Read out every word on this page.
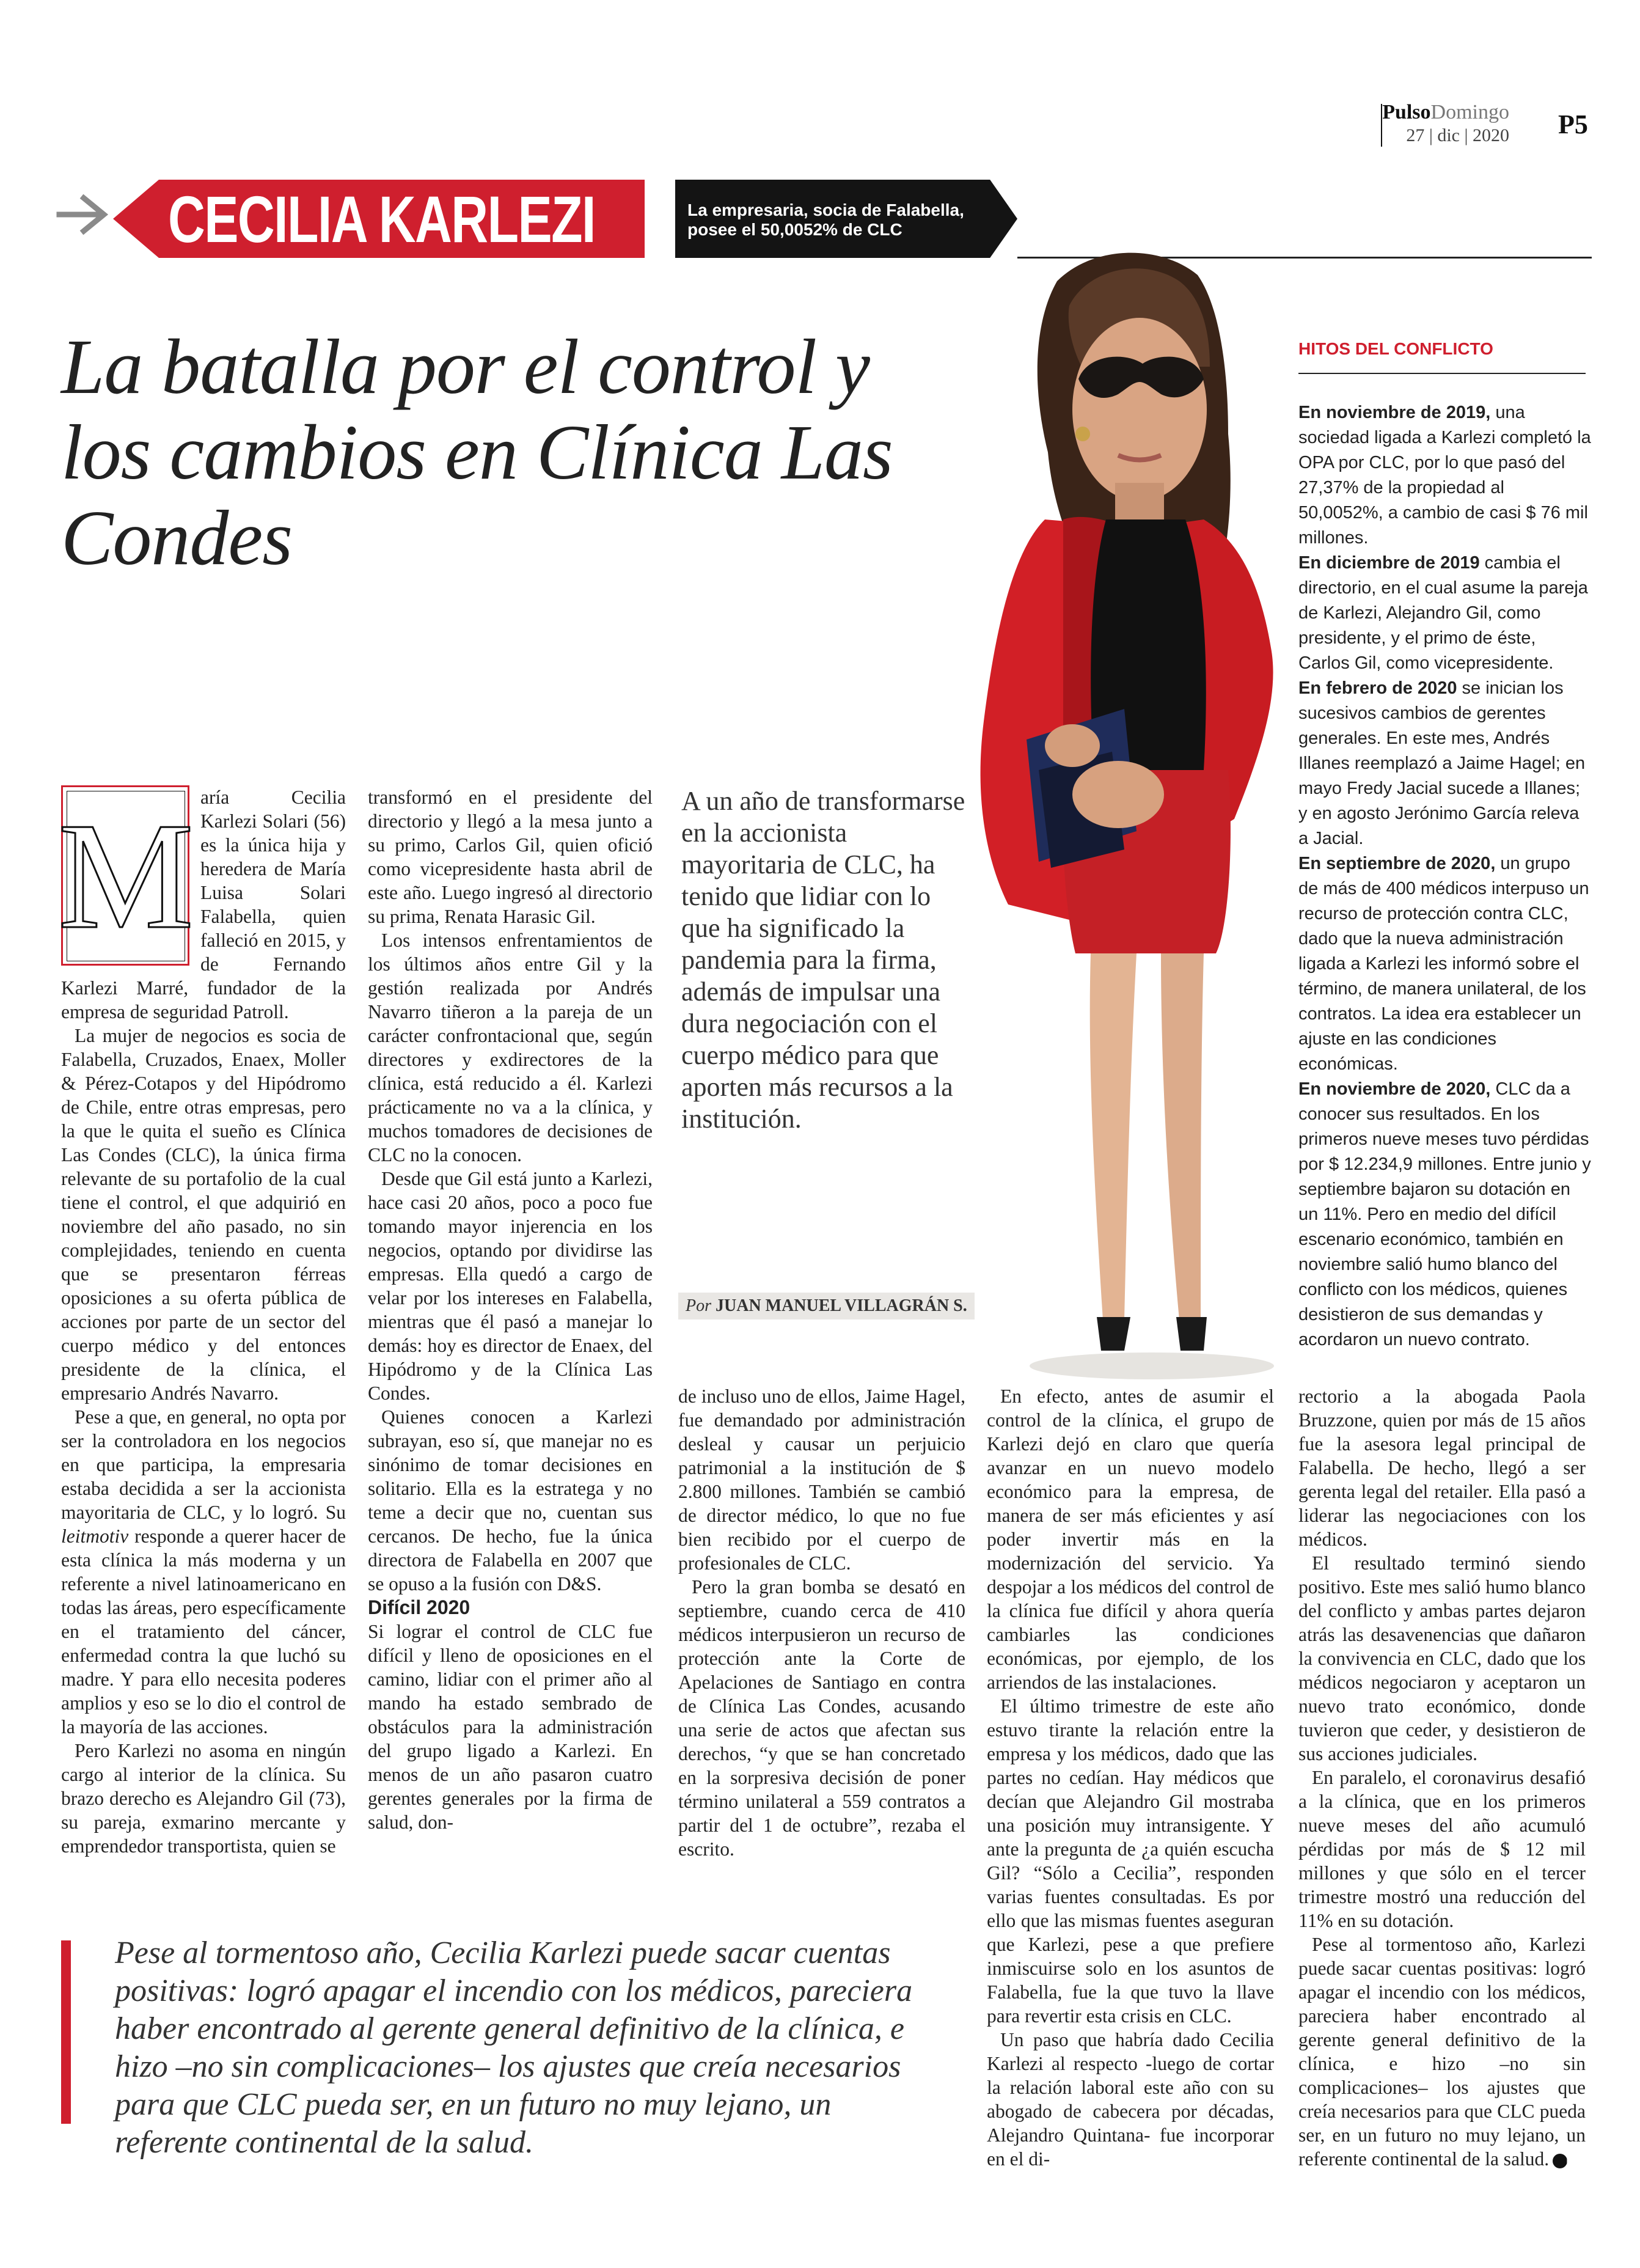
PulsoDomingo
27 | dic | 2020 P5
CECILIA KARLEZI	La empresaria, socia de Falabella, posee el 50,0052% de CLC
La batalla por el control y los cambios en Clínica Las Condes
M aría Cecilia Karlezi Solari (56) es la única hija y heredera de María Luisa Solari Falabella, quien falleció en 2015, y de Fernando Karlezi Marré, fundador de la empresa de seguridad Patroll.

La mujer de negocios es socia de Falabella, Cruzados, Enaex, Moller & Pérez-Cotapos y del Hipódromo de Chile, entre otras empresas, pero la que le quita el sueño es Clínica Las Condes (CLC), la única firma relevante de su portafolio de la cual tiene el control, el que adquirió en noviembre del año pasado, no sin complejidades, teniendo en cuenta que se presentaron férreas oposiciones a su oferta pública de acciones por parte de un sector del cuerpo médico y del entonces presidente de la clínica, el empresario Andrés Navarro.

Pese a que, en general, no opta por ser la controladora en los negocios en que participa, la empresaria estaba decidida a ser la accionista mayoritaria de CLC, y lo logró. Su leitmotiv responde a querer hacer de esta clínica la más moderna y un referente a nivel latinoamericano en todas las áreas, pero específicamente en el tratamiento del cáncer, enfermedad contra la que luchó su madre. Y para ello necesita poderes amplios y eso se lo dio el control de la mayoría de las acciones.

Pero Karlezi no asoma en ningún cargo al interior de la clínica. Su brazo derecho es Alejandro Gil (73), su pareja, exmarino mercante y emprendedor transportista, quien se

transformó en el presidente del directorio y llegó a la mesa junto a su primo, Carlos Gil, quien ofició como vicepresidente hasta abril de este año. Luego ingresó al directorio su prima, Renata Harasic Gil.

Los intensos enfrentamientos de los últimos años entre Gil y la gestión realizada por Andrés Navarro tiñeron a la pareja de un carácter confrontacional que, según directores y exdirectores de la clínica, está reducido a él. Karlezi prácticamente no va a la clínica, y muchos tomadores de decisiones de CLC no la conocen.

Desde que Gil está junto a Karlezi, hace casi 20 años, poco a poco fue tomando mayor injerencia en los negocios, optando por dividirse las empresas. Ella quedó a cargo de velar por los intereses en Falabella, mientras que él pasó a manejar lo demás: hoy es director de Enaex, del Hipódromo y de la Clínica Las Condes.

Quienes conocen a Karlezi subrayan, eso sí, que manejar no es sinónimo de tomar decisiones en solitario. Ella es la estratega y no teme a decir que no, cuentan sus cercanos. De hecho, fue la única directora de Falabella en 2007 que se opuso a la fusión con D&S.

Difícil 2020

Si lograr el control de CLC fue difícil y lleno de oposiciones en el camino, lidiar con el primer año al mando ha estado sembrado de obstáculos para la administración del grupo ligado a Karlezi. En menos de un año pasaron cuatro gerentes generales por la firma de salud, don-

A un año de transformarse en la accionista mayoritaria de CLC, ha tenido que lidiar con lo que ha significado la pandemia para la firma, además de impulsar una dura negociación con el cuerpo médico para que aporten más recursos a la institución.
Por JUAN MANUEL VILLAGRÁN S.

de incluso uno de ellos, Jaime Hagel, fue demandado por administración desleal y causar un perjuicio patrimonial a la institución de $ 2.800 millones. También se cambió de director médico, lo que no fue bien recibido por el cuerpo de profesionales de CLC.

Pero la gran bomba se desató en septiembre, cuando cerca de 410 médicos interpusieron un recurso de protección ante la Corte de Apelaciones de Santiago en contra de Clínica Las Condes, acusando una serie de actos que afectan sus derechos, “y que se han concretado en la sorpresiva decisión de poner término unilateral a 559 contratos a partir del 1 de octubre”, rezaba el escrito.

En efecto, antes de asumir el control de la clínica, el grupo de Karlezi dejó en claro que quería avanzar en un nuevo modelo económico para la empresa, de manera de ser más eficientes y así poder invertir más en la modernización del servicio. Ya despojar a los médicos del control de la clínica fue difícil y ahora quería cambiarles las condiciones económicas, por ejemplo, de los arriendos de las instalaciones.

El último trimestre de este año estuvo tirante la relación entre la empresa y los médicos, dado que las partes no cedían. Hay médicos que decían que Alejandro Gil mostraba una posición muy intransigente. Y ante la pregunta de ¿a quién escucha Gil? “Sólo a Cecilia”, responden varias fuentes consultadas. Es por ello que las mismas fuentes aseguran que Karlezi, pese a que prefiere inmiscuirse solo en los asuntos de Falabella, fue la que tuvo la llave para revertir esta crisis en CLC.

Un paso que habría dado Cecilia Karlezi al respecto -luego de cortar la relación laboral este año con su abogado de cabecera por décadas, Alejandro Quintana- fue incorporar en el di-

rectorio a la abogada Paola Bruzzone, quien por más de 15 años fue la asesora legal principal de Falabella. De hecho, llegó a ser gerenta legal del retailer. Ella pasó a liderar las negociaciones con los médicos.

El resultado terminó siendo positivo. Este mes salió humo blanco del conflicto y ambas partes dejaron atrás las desavenencias que dañaron la convivencia en CLC, dado que los médicos negociaron y aceptaron un nuevo trato económico, donde tuvieron que ceder, y desistieron de sus acciones judiciales.

En paralelo, el coronavirus desafió a la clínica, que en los primeros nueve meses del año acumuló pérdidas por más de $ 12 mil millones y que sólo en el tercer trimestre mostró una reducción del 11% en su dotación.

Pese al tormentoso año, Karlezi puede sacar cuentas positivas: logró apagar el incendio con los médicos, pareciera haber encontrado al gerente general definitivo de la clínica, e hizo –no sin complicaciones– los ajustes que creía necesarios para que CLC pueda ser, en un futuro no muy lejano, un referente continental de la salud. P

HITOS DEL CONFLICTO

En noviembre de 2019, una sociedad ligada a Karlezi completó la OPA por CLC, por lo que pasó del 27,37% de la propiedad al 50,0052%, a cambio de casi $ 76 mil millones.

En diciembre de 2019 cambia el directorio, en el cual asume la pareja de Karlezi, Alejandro Gil, como presidente, y el primo de éste, Carlos Gil, como vicepresidente.

En febrero de 2020 se inician los sucesivos cambios de gerentes generales. En este mes, Andrés Illanes reemplazó a Jaime Hagel; en mayo Fredy Jacial sucede a Illanes; y en agosto Jerónimo García releva a Jacial.

En septiembre de 2020, un grupo de más de 400 médicos interpuso un recurso de protección contra CLC, dado que la nueva administración ligada a Karlezi les informó sobre el término, de manera unilateral, de los contratos. La idea era establecer un ajuste en las condiciones económicas.

En noviembre de 2020, CLC da a conocer sus resultados. En los primeros nueve meses tuvo pérdidas por $ 12.234,9 millones. Entre junio y septiembre bajaron su dotación en un 11%. Pero en medio del difícil escenario económico, también en noviembre salió humo blanco del conflicto con los médicos, quienes desistieron de sus demandas y acordaron un nuevo contrato.

Pese al tormentoso año, Cecilia Karlezi puede sacar cuentas positivas: logró apagar el incendio con los médicos, pareciera haber encontrado al gerente general definitivo de la clínica, e hizo –no sin complicaciones– los ajustes que creía necesarios para que CLC pueda ser, en un futuro no muy lejano, un referente continental de la salud.
